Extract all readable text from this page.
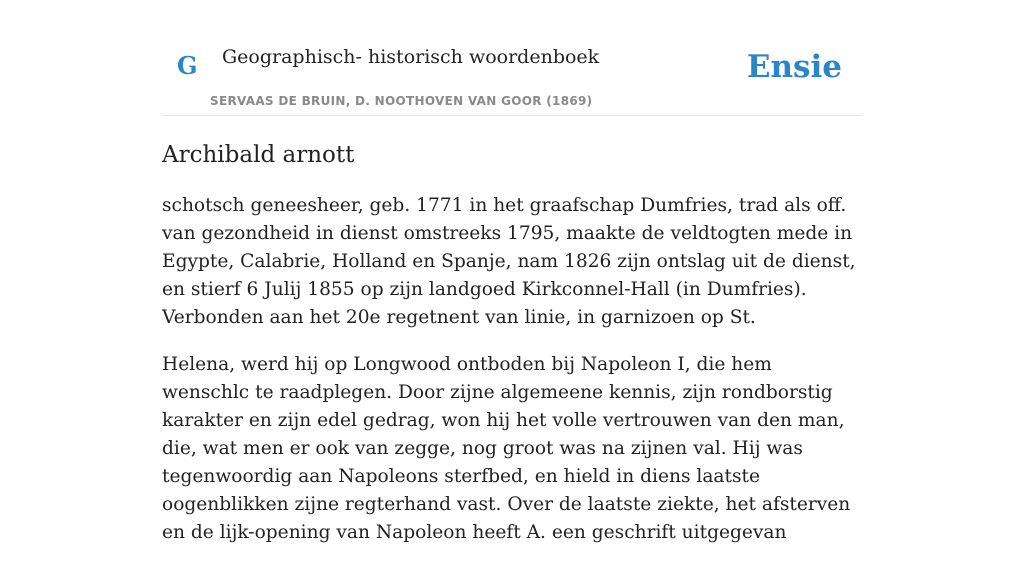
G Geographisch- historisch woordenboek
SERVAAS DE BRUIN, D. NOOTHOVEN VAN GOOR (1869)
Ensie
Archibald arnott

schotsch geneesheer, geb. 1771 in het graafschap Dumfries, trad als off. van gezondheid in dienst omstreeks 1795, maakte de veldtogten mede in Egypte, Calabrie, Holland en Spanje, nam 1826 zijn ontslag uit de dienst, en stierf 6 Julij 1855 op zijn landgoed Kirkconnel-Hall (in Dumfries). Verbonden aan het 20e regetnent van linie, in garnizoen op St.

Helena, werd hij op Longwood ontboden bij Napoleon I, die hem wenschlc te raadplegen. Door zijne algemeene kennis, zijn rondborstig karakter en zijn edel gedrag, won hij het volle vertrouwen van den man, die, wat men er ook van zegge, nog groot was na zijnen val. Hij was tegenwoordig aan Napoleons sterfbed, en hield in diens laatste oogenblikken zijne regterhand vast. Over de laatste ziekte, het afsterven en de lijk-opening van Napoleon heeft A. een geschrift uitgegevan
